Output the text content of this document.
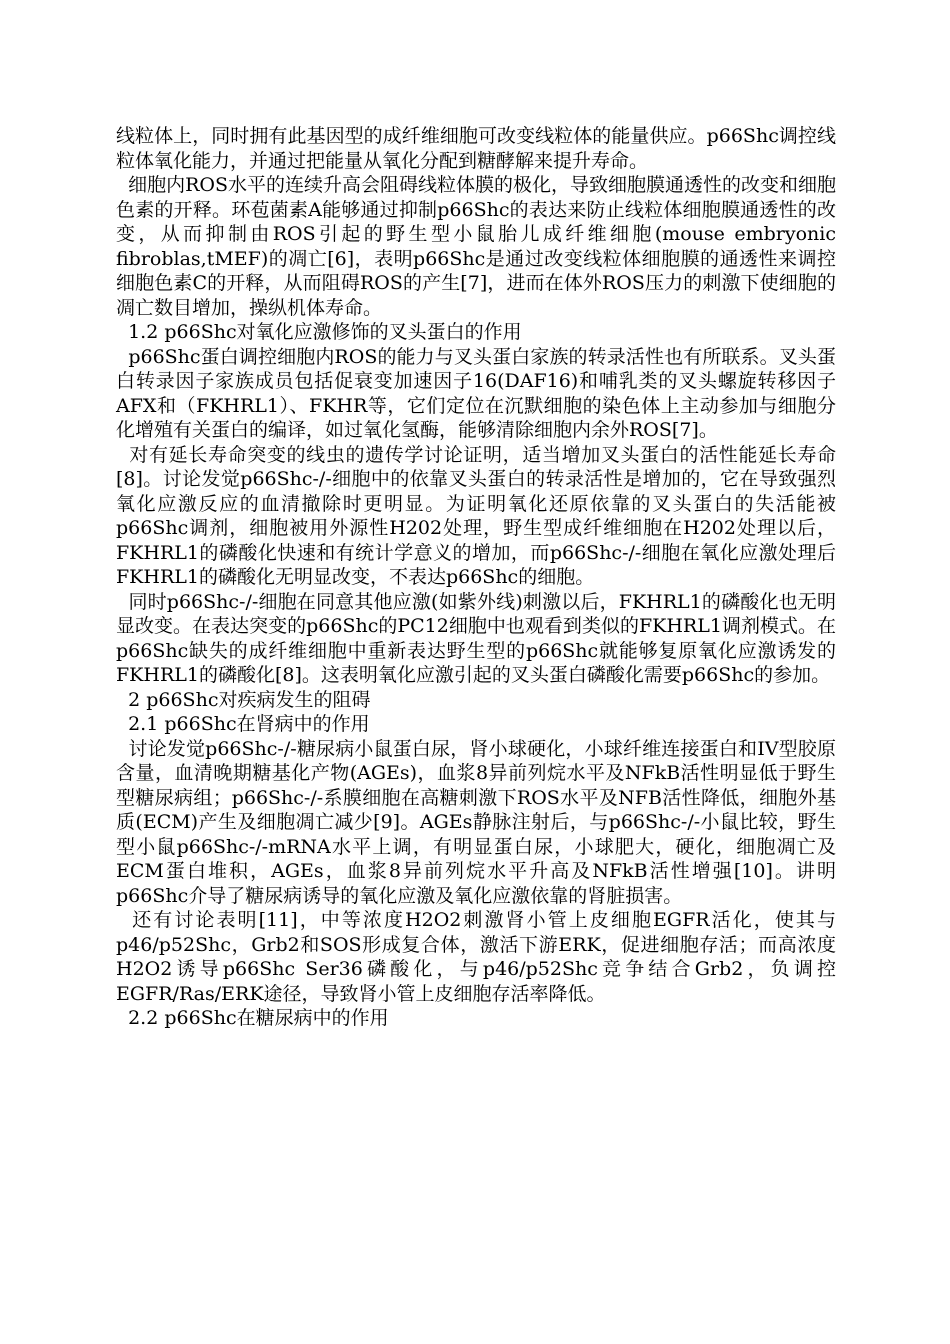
线粒体上，同时拥有此基因型的成纤维细胞可改变线粒体的能量供应。p66Shc调控线粒体氧化能力，并通过把能量从氧化分配到糖酵解来提升寿命。

细胞内ROS水平的连续升高会阻碍线粒体膜的极化，导致细胞膜通透性的改变和细胞色素的开释。环苞菌素A能够通过抑制p66Shc的表达来防止线粒体细胞膜通透性的改变，从而抑制由ROS引起的野生型小鼠胎儿成纤维细胞(mouse embryonic fibroblas,tMEF)的凋亡[6]，表明p66Shc是通过改变线粒体细胞膜的通透性来调控细胞色素C的开释，从而阻碍ROS的产生[7]，进而在体外ROS压力的刺激下使细胞的凋亡数目增加，操纵机体寿命。

1.2 p66Shc对氧化应激修饰的叉头蛋白的作用

p66Shc蛋白调控细胞内ROS的能力与叉头蛋白家族的转录活性也有所联系。叉头蛋白转录因子家族成员包括促衰变加速因子16(DAF16)和哺乳类的叉头螺旋转移因子AFX和（FKHRL1）、FKHR等，它们定位在沉默细胞的染色体上主动参加与细胞分化增殖有关蛋白的编译，如过氧化氢酶，能够清除细胞内余外ROS[7]。

对有延长寿命突变的线虫的遗传学讨论证明，适当增加叉头蛋白的活性能延长寿命[8]。讨论发觉p66Shc-/-细胞中的依靠叉头蛋白的转录活性是增加的，它在导致强烈氧化应激反应的血清撤除时更明显。为证明氧化还原依靠的叉头蛋白的失活能被p66Shc调剂，细胞被用外源性H202处理，野生型成纤维细胞在H202处理以后，FKHRL1的磷酸化快速和有统计学意义的增加，而p66Shc-/-细胞在氧化应激处理后FKHRL1的磷酸化无明显改变，不表达p66Shc的细胞。

同时p66Shc-/-细胞在同意其他应激(如紫外线)刺激以后，FKHRL1的磷酸化也无明显改变。在表达突变的p66Shc的PC12细胞中也观看到类似的FKHRL1调剂模式。在p66Shc缺失的成纤维细胞中重新表达野生型的p66Shc就能够复原氧化应激诱发的FKHRL1的磷酸化[8]。这表明氧化应激引起的叉头蛋白磷酸化需要p66Shc的参加。

2 p66Shc对疾病发生的阻碍

2.1 p66Shc在肾病中的作用

讨论发觉p66Shc-/-糖尿病小鼠蛋白尿，肾小球硬化，小球纤维连接蛋白和IV型胶原含量，血清晚期糖基化产物(AGEs)，血浆8异前列烷水平及NFkB活性明显低于野生型糖尿病组；p66Shc-/-系膜细胞在高糖刺激下ROS水平及NFB活性降低，细胞外基质(ECM)产生及细胞凋亡减少[9]。AGEs静脉注射后，与p66Shc-/-小鼠比较，野生型小鼠p66Shc-/-mRNA水平上调，有明显蛋白尿，小球肥大，硬化，细胞凋亡及ECM蛋白堆积，AGEs，血浆8异前列烷水平升高及NFkB活性增强[10]。讲明p66Shc介导了糖尿病诱导的氧化应激及氧化应激依靠的肾脏损害。

还有讨论表明[11]，中等浓度H2O2刺激肾小管上皮细胞EGFR活化，使其与p46/p52Shc，Grb2和SOS形成复合体，激活下游ERK，促进细胞存活；而高浓度H2O2诱导p66Shc Ser36磷酸化，与p46/p52Shc竞争结合Grb2，负调控EGFR/Ras/ERK途径，导致肾小管上皮细胞存活率降低。

2.2 p66Shc在糖尿病中的作用
